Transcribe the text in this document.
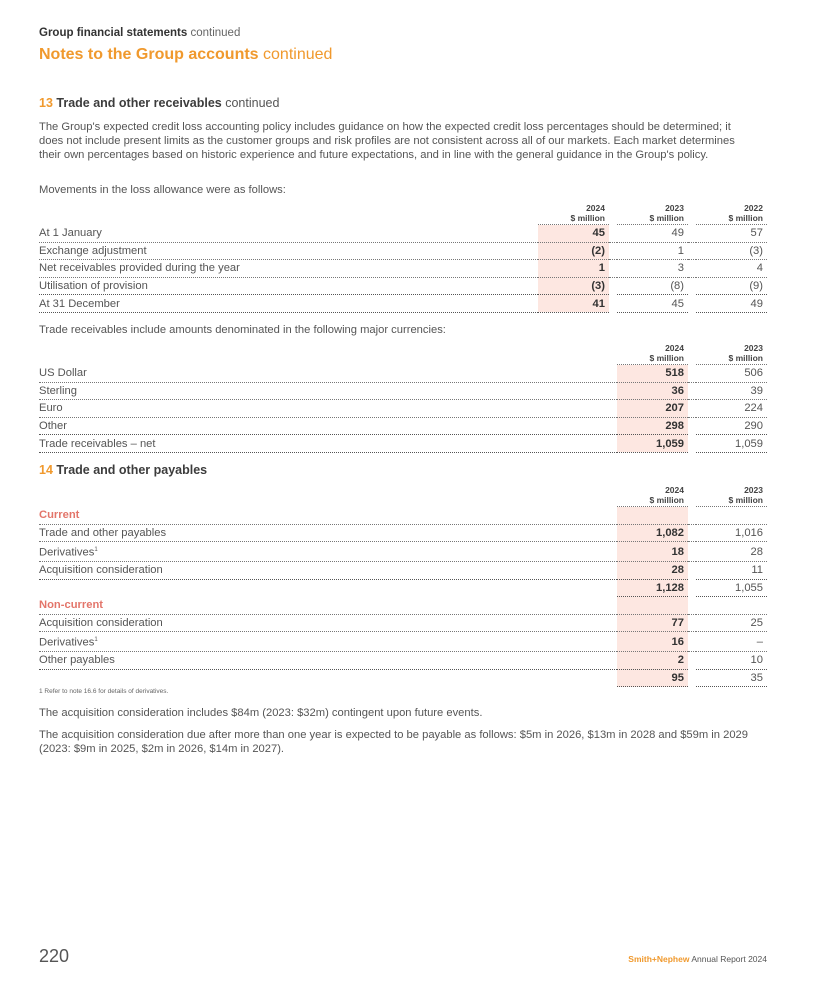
Group financial statements continued
Notes to the Group accounts continued
13 Trade and other receivables continued
The Group's expected credit loss accounting policy includes guidance on how the expected credit loss percentages should be determined; it does not include present limits as the customer groups and risk profiles are not consistent across all of our markets. Each market determines their own percentages based on historic experience and future expectations, and in line with the general guidance in the Group's policy.
Movements in the loss allowance were as follows:
	2024
$ million		2023
$ million		2022
$ million
At 1 January	45		49		57
Exchange adjustment	(2)		1		(3)
Net receivables provided during the year	1		3		4
Utilisation of provision	(3)		(8)		(9)
At 31 December	41		45		49
Trade receivables include amounts denominated in the following major currencies:
	2024
$ million		2023
$ million
US Dollar	518		506
Sterling	36		39
Euro	207		224
Other	298		290
Trade receivables – net	1,059		1,059
14 Trade and other payables
	2024
$ million		2023
$ million
Current			
Trade and other payables	1,082		1,016
Derivatives$^1$	18		28
Acquisition consideration	28		11
	1,128		1,055
Non-current			
Acquisition consideration	77		25
Derivatives$^1$	16		–
Other payables	2		10
	95		35
1 Refer to note 16.6 for details of derivatives.
The acquisition consideration includes $84m (2023: $32m) contingent upon future events.
The acquisition consideration due after more than one year is expected to be payable as follows: $5m in 2026, $13m in 2028 and $59m in 2029 (2023: $9m in 2025, $2m in 2026, $14m in 2027).
220	Smith+Nephew Annual Report 2024
